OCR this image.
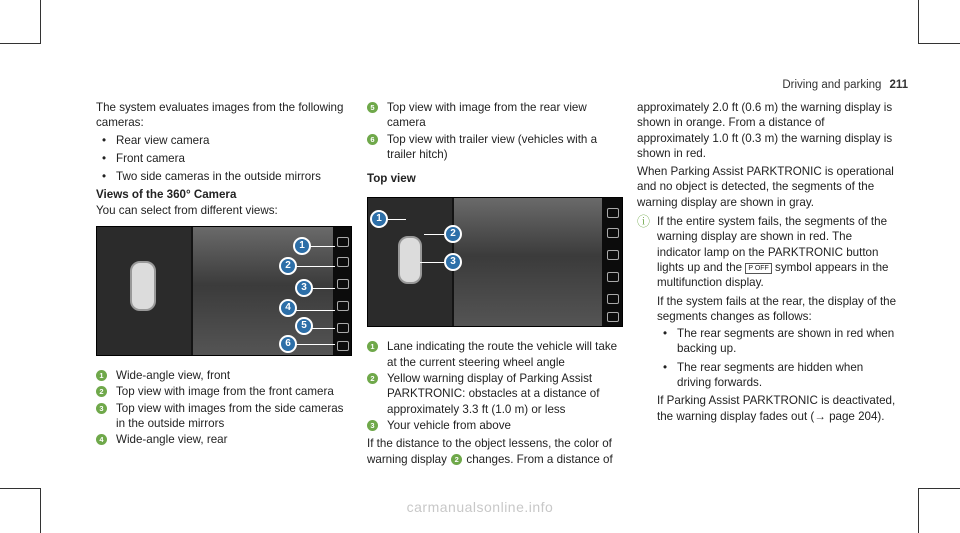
Driving and parking 211

The system evaluates images from the following cameras:

• Rear view camera
• Front camera
• Two side cameras in the outside mirrors

Views of the 360° Camera

You can select from different views:

1
2
3
4
5
6
1 Wide-angle view, front
2 Top view with image from the front camera
3 Top view with images from the side cameras in the outside mirrors
4 Wide-angle view, rear
5 Top view with image from the rear view camera
6 Top view with trailer view (vehicles with a trailer hitch)

Top view

1
2
3
1 Lane indicating the route the vehicle will take at the current steering wheel angle
2 Yellow warning display of Parking Assist PARKTRONIC: obstacles at a distance of approximately 3.3 ft (1.0 m) or less
3 Your vehicle from above

If the distance to the object lessens, the color of warning display 2 changes. From a distance of

approximately 2.0 ft (0.6 m) the warning display is shown in orange. From a distance of approximately 1.0 ft (0.3 m) the warning display is shown in red.

When Parking Assist PARKTRONIC is operational and no object is detected, the segments of the warning display are shown in gray.

ⓘ If the entire system fails, the segments of the warning display are shown in red. The indicator lamp on the PARKTRONIC button lights up and the P OFF symbol appears in the multifunction display.

If the system fails at the rear, the display of the segments changes as follows:

• The rear segments are shown in red when backing up.
• The rear segments are hidden when driving forwards.

If Parking Assist PARKTRONIC is deactivated, the warning display fades out (→ page 204).

carmanualsonline.info
